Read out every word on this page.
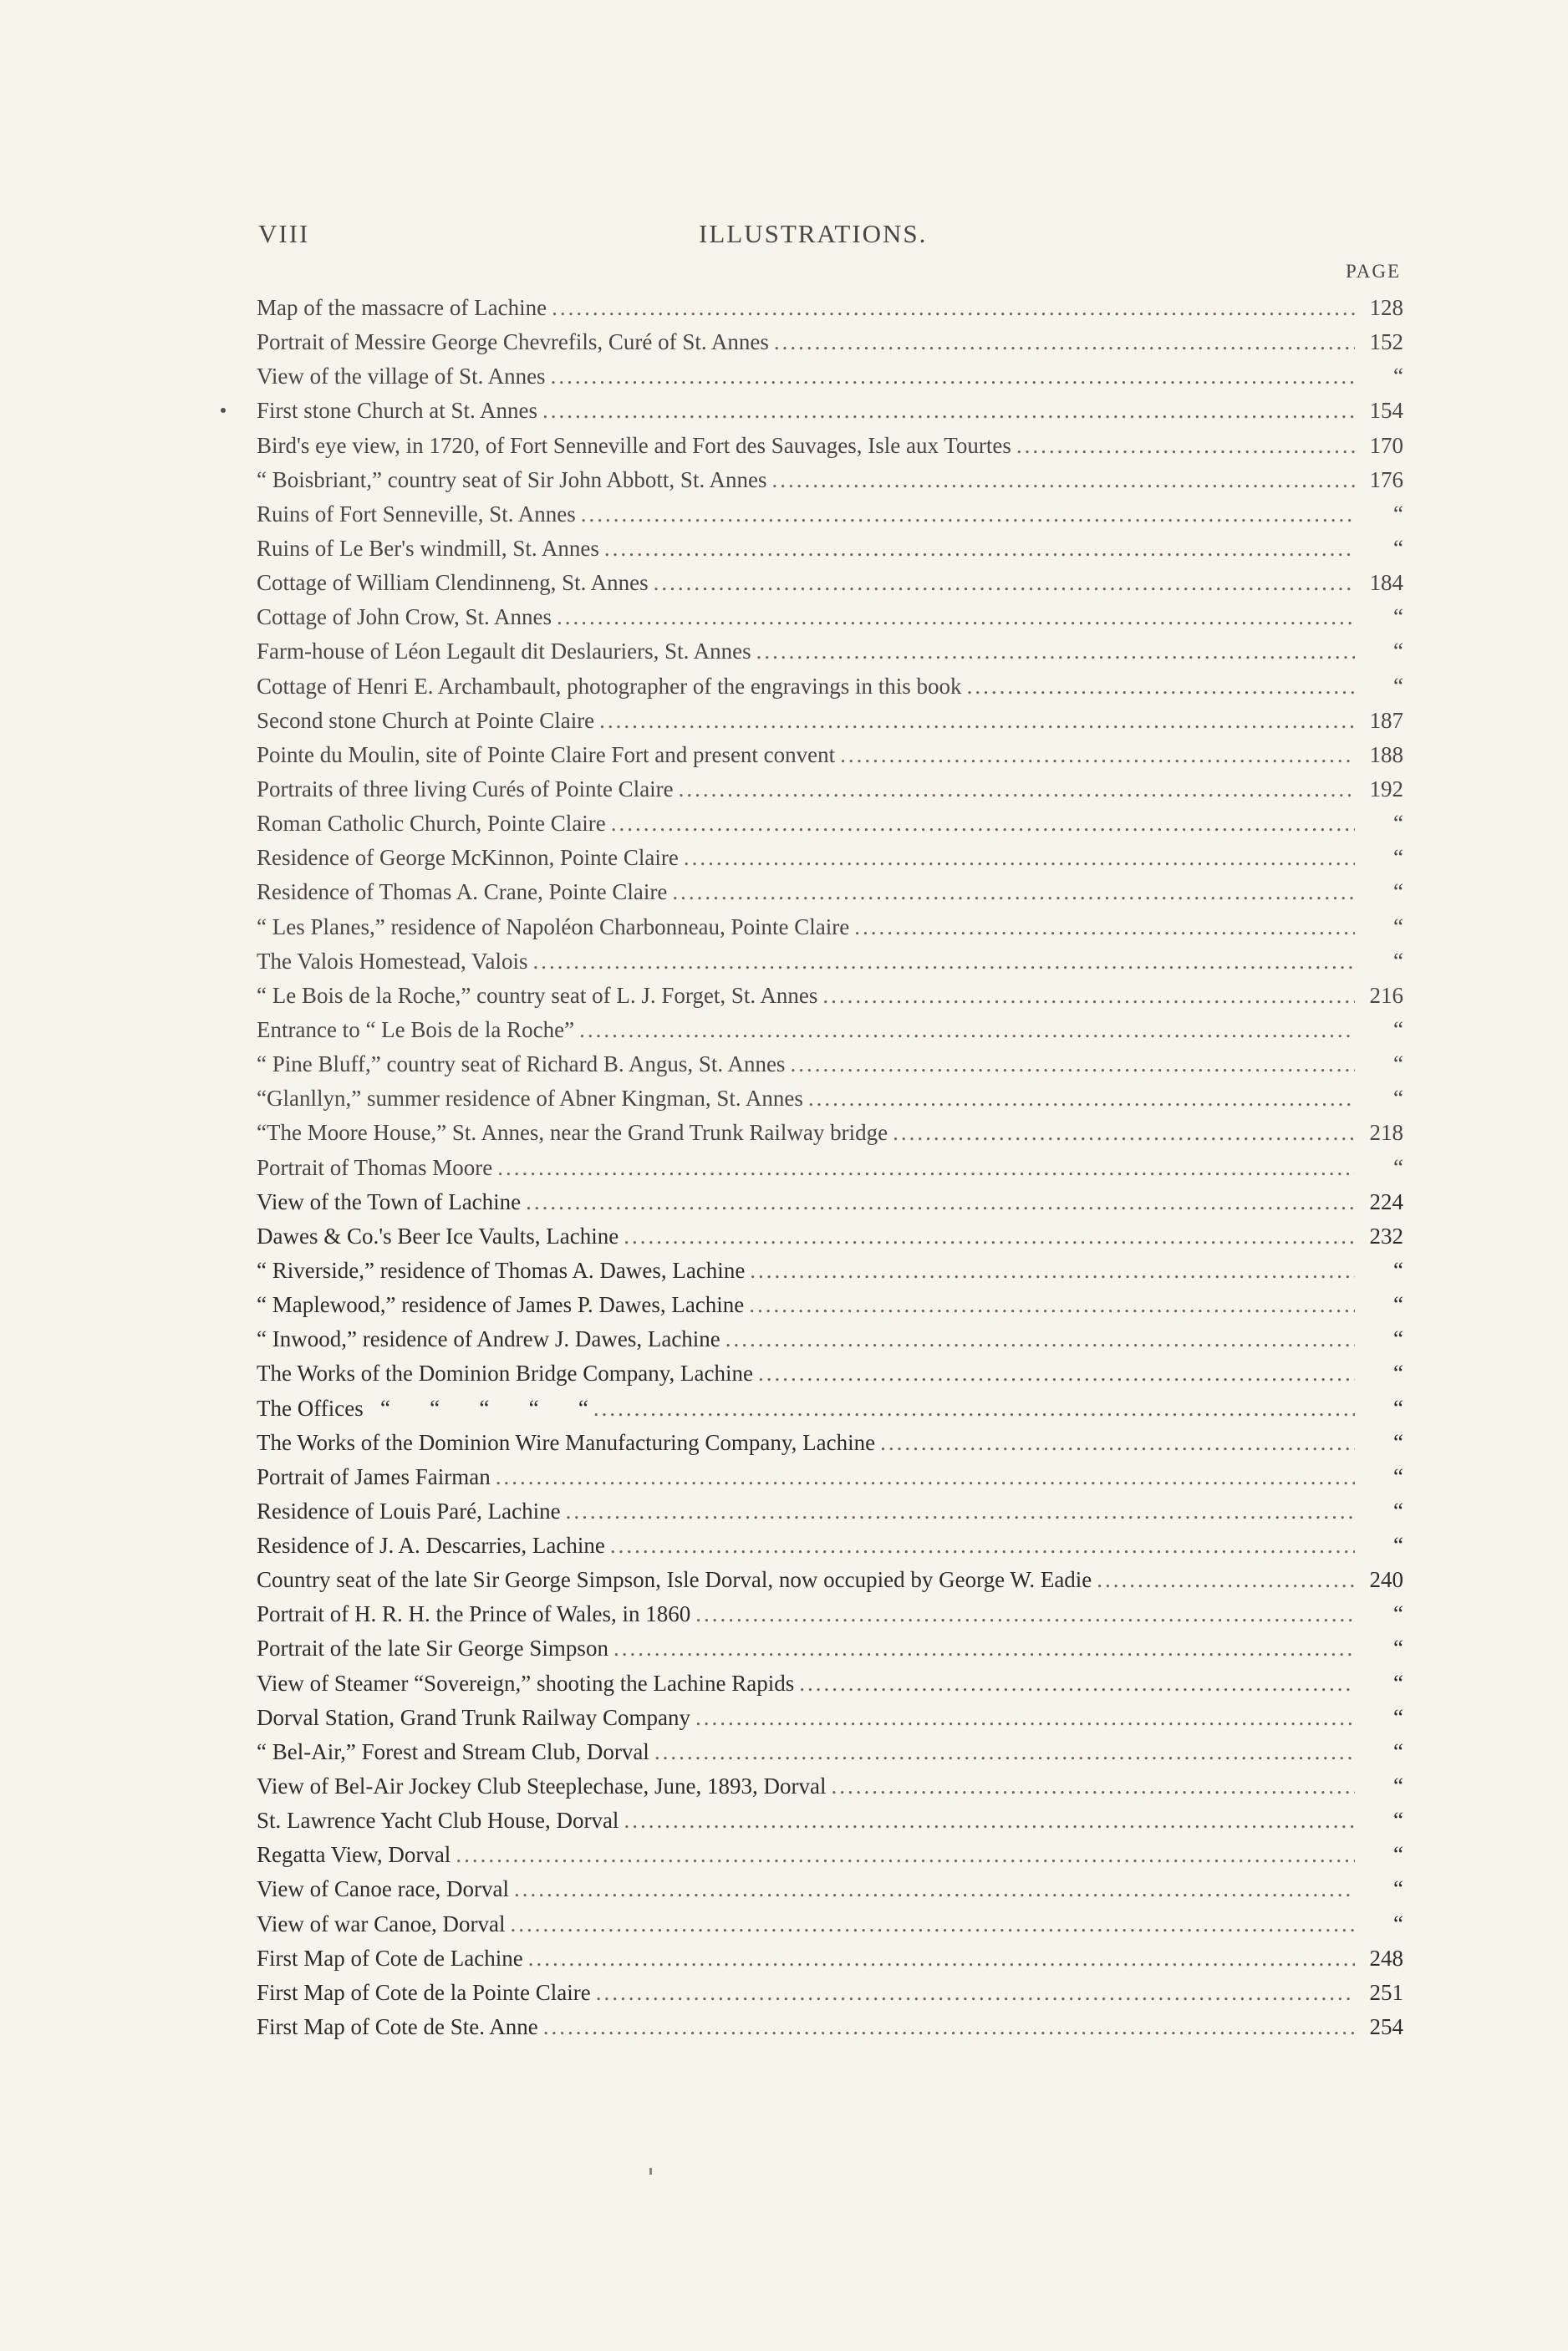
VIII	ILLUSTRATIONS.
PAGE
Map of the massacre of Lachine .....	128
Portrait of Messire George Chevrefils, Curé of St. Annes .....	152
View of the village of St. Annes .....	“
First stone Church at St. Annes .....	154
Bird's eye view, in 1720, of Fort Senneville and Fort des Sauvages, Isle aux Tourtes .....	170
“ Boisbriant,” country seat of Sir John Abbott, St. Annes .....	176
Ruins of Fort Senneville, St. Annes .....	“
Ruins of Le Ber's windmill, St. Annes .....	“
Cottage of William Clendinneng, St. Annes .....	184
Cottage of John Crow, St. Annes .....	“
Farm-house of Léon Legault dit Deslauriers, St. Annes .....	“
Cottage of Henri E. Archambault, photographer of the engravings in this book .....	“
Second stone Church at Pointe Claire .....	187
Pointe du Moulin, site of Pointe Claire Fort and present convent .....	188
Portraits of three living Curés of Pointe Claire .....	192
Roman Catholic Church, Pointe Claire .....	“
Residence of George McKinnon, Pointe Claire .....	“
Residence of Thomas A. Crane, Pointe Claire .....	“
“ Les Planes,” residence of Napoléon Charbonneau, Pointe Claire .....	“
The Valois Homestead, Valois .....	“
“ Le Bois de la Roche,” country seat of L. J. Forget, St. Annes .....	216
Entrance to “ Le Bois de la Roche” .....	“
“ Pine Bluff,” country seat of Richard B. Angus, St. Annes .....	“
“Glanllyn,” summer residence of Abner Kingman, St. Annes .....	“
“The Moore House,” St. Annes, near the Grand Trunk Railway bridge .....	218
Portrait of Thomas Moore .....	“
View of the Town of Lachine .....	224
Dawes & Co.'s Beer Ice Vaults, Lachine .....	232
“ Riverside,” residence of Thomas A. Dawes, Lachine .....	“
“ Maplewood,” residence of James P. Dawes, Lachine .....	“
“ Inwood,” residence of Andrew J. Dawes, Lachine .....	“
The Works of the Dominion Bridge Company, Lachine .....	“
The Offices   “       “       “       “       “ .....	“
The Works of the Dominion Wire Manufacturing Company, Lachine .....	“
Portrait of James Fairman .....	“
Residence of Louis Paré, Lachine .....	“
Residence of J. A. Descarries, Lachine .....	“
Country seat of the late Sir George Simpson, Isle Dorval, now occupied by George W. Eadie .....	240
Portrait of H. R. H. the Prince of Wales, in 1860 .....	“
Portrait of the late Sir George Simpson .....	“
View of Steamer “Sovereign,” shooting the Lachine Rapids .....	“
Dorval Station, Grand Trunk Railway Company .....	“
“ Bel-Air,” Forest and Stream Club, Dorval .....	“
View of Bel-Air Jockey Club Steeplechase, June, 1893, Dorval .....	“
St. Lawrence Yacht Club House, Dorval .....	“
Regatta View, Dorval .....	“
View of Canoe race, Dorval .....	“
View of war Canoe, Dorval .....	“
First Map of Cote de Lachine .....	248
First Map of Cote de la Pointe Claire .....	251
First Map of Cote de Ste. Anne .....	254
